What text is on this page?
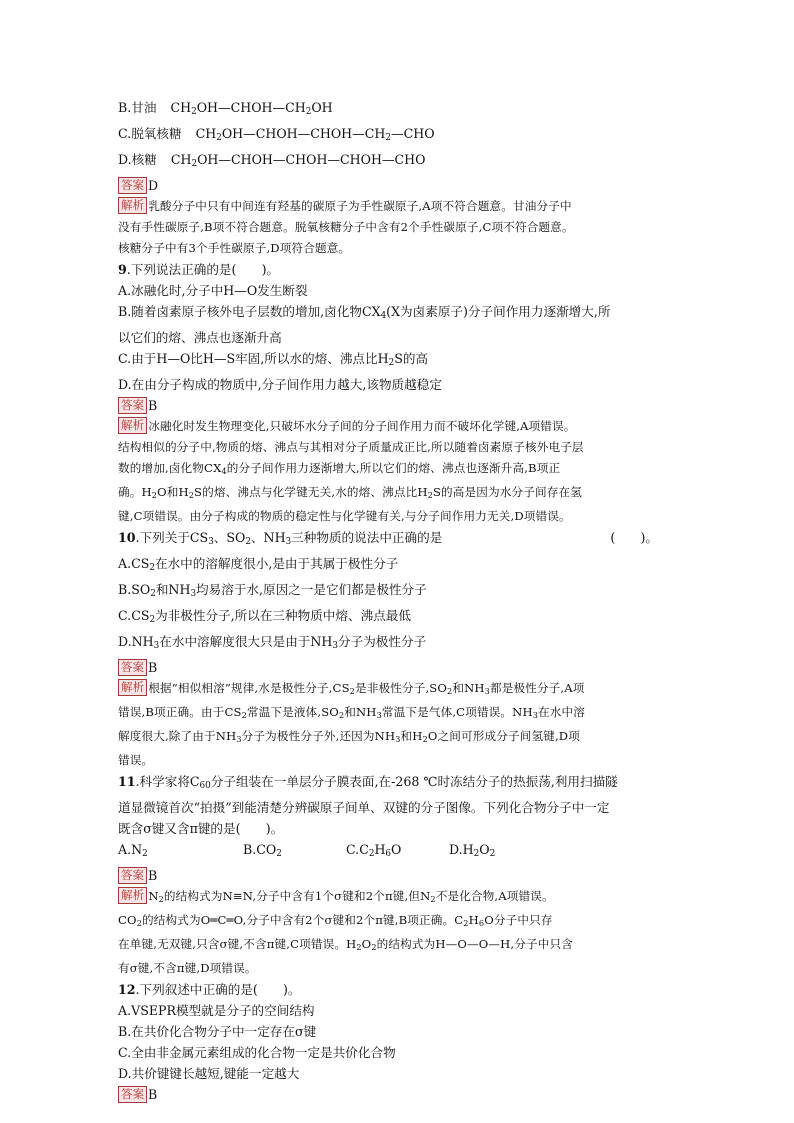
B.甘油 $CH_2OH—CHOH—CH_2OH$
C.脱氧核糖 $CH_2OH—CHOH—CHOH—CH_2—CHO$
D.核糖 $CH_2OH—CHOH—CHOH—CHOH—CHO$
答案 D
解析 乳酸分子中只有中间连有羟基的碳原子为手性碳原子,A项不符合题意。甘油分子中
没有手性碳原子,B项不符合题意。脱氧核糖分子中含有2个手性碳原子,C项不符合题意。
核糖分子中有3个手性碳原子,D项符合题意。
9.下列说法正确的是(　　)。
A.冰融化时,分子中H—O发生断裂
B.随着卤素原子核外电子层数的增加,卤化物$CX_4(X$为卤素原子)分子间作用力逐渐增大,所
以它们的熔、沸点也逐渐升高
C.由于H—O比H—S牢固,所以水的熔、沸点比$H_2S$的高
D.在由分子构成的物质中,分子间作用力越大,该物质越稳定
答案 B
解析 冰融化时发生物理变化,只破坏水分子间的分子间作用力而不破坏化学键,A项错误。
结构相似的分子中,物质的熔、沸点与其相对分子质量成正比,所以随着卤素原子核外电子层
数的增加,卤化物$CX_4$的分子间作用力逐渐增大,所以它们的熔、沸点也逐渐升高,B项正
确。$H_2O$和$H_2S$的熔、沸点与化学键无关,水的熔、沸点比$H_2S$的高是因为水分子间存在氢
键,C项错误。由分子构成的物质的稳定性与化学键有关,与分子间作用力无关,D项错误。
10.下列关于$CS_3$、$SO_2$、$NH_3$三种物质的说法中正确的是	(　　)。
$A.CS_2$在水中的溶解度很小,是由于其属于极性分子
$B.SO_2$和$NH_3$均易溶于水,原因之一是它们都是极性分子
$C.CS_2$为非极性分子,所以在三种物质中熔、沸点最低
$D.NH_3$在水中溶解度很大只是由于$NH_3$分子为极性分子
答案 B
解析 根据“相似相溶”规律,水是极性分子$,CS_2$是非极性分子$,SO_2$和$NH_3$都是极性分子,A项
错误,B项正确。由于$CS_2$常温下是液体$,SO_2$和$NH_3$常温下是气体,C项错误。$NH_3$在水中溶
解度很大,除了由于$NH_3$分子为极性分子外,还因为$NH_3$和$H_2O$之间可形成分子间氢键,D项
错误。
11.科学家将$C_{60}$分子组装在一单层分子膜表面,在-268 ℃时冻结分子的热振荡,利用扫描隧
道显微镜首次“拍摄”到能清楚分辨碳原子间单、双键的分子图像。下列化合物分子中一定
既含σ键又含π键的是(　　)。
$A.N_2$	$B.CO_2$	$C.C_2H_6O$	$D.H_2O_2$
答案 B
解析 $N_2$的结构式为N≡N,分子中含有1个σ键和2个π键,但$N_2$不是化合物,A项错误。
$CO_2$的结构式为O═C═O,分子中含有2个σ键和2个π键,B项正确。$C_2H_6O$分子中只存
在单键,无双键,只含σ键,不含π键,C项错误。$H_2O_2$的结构式为H—O—O—H,分子中只含
有σ键,不含π键,D项错误。
12.下列叙述中正确的是(　　)。
A.VSEPR模型就是分子的空间结构
B.在共价化合物分子中一定存在σ键
C.全由非金属元素组成的化合物一定是共价化合物
D.共价键键长越短,键能一定越大
答案 B
